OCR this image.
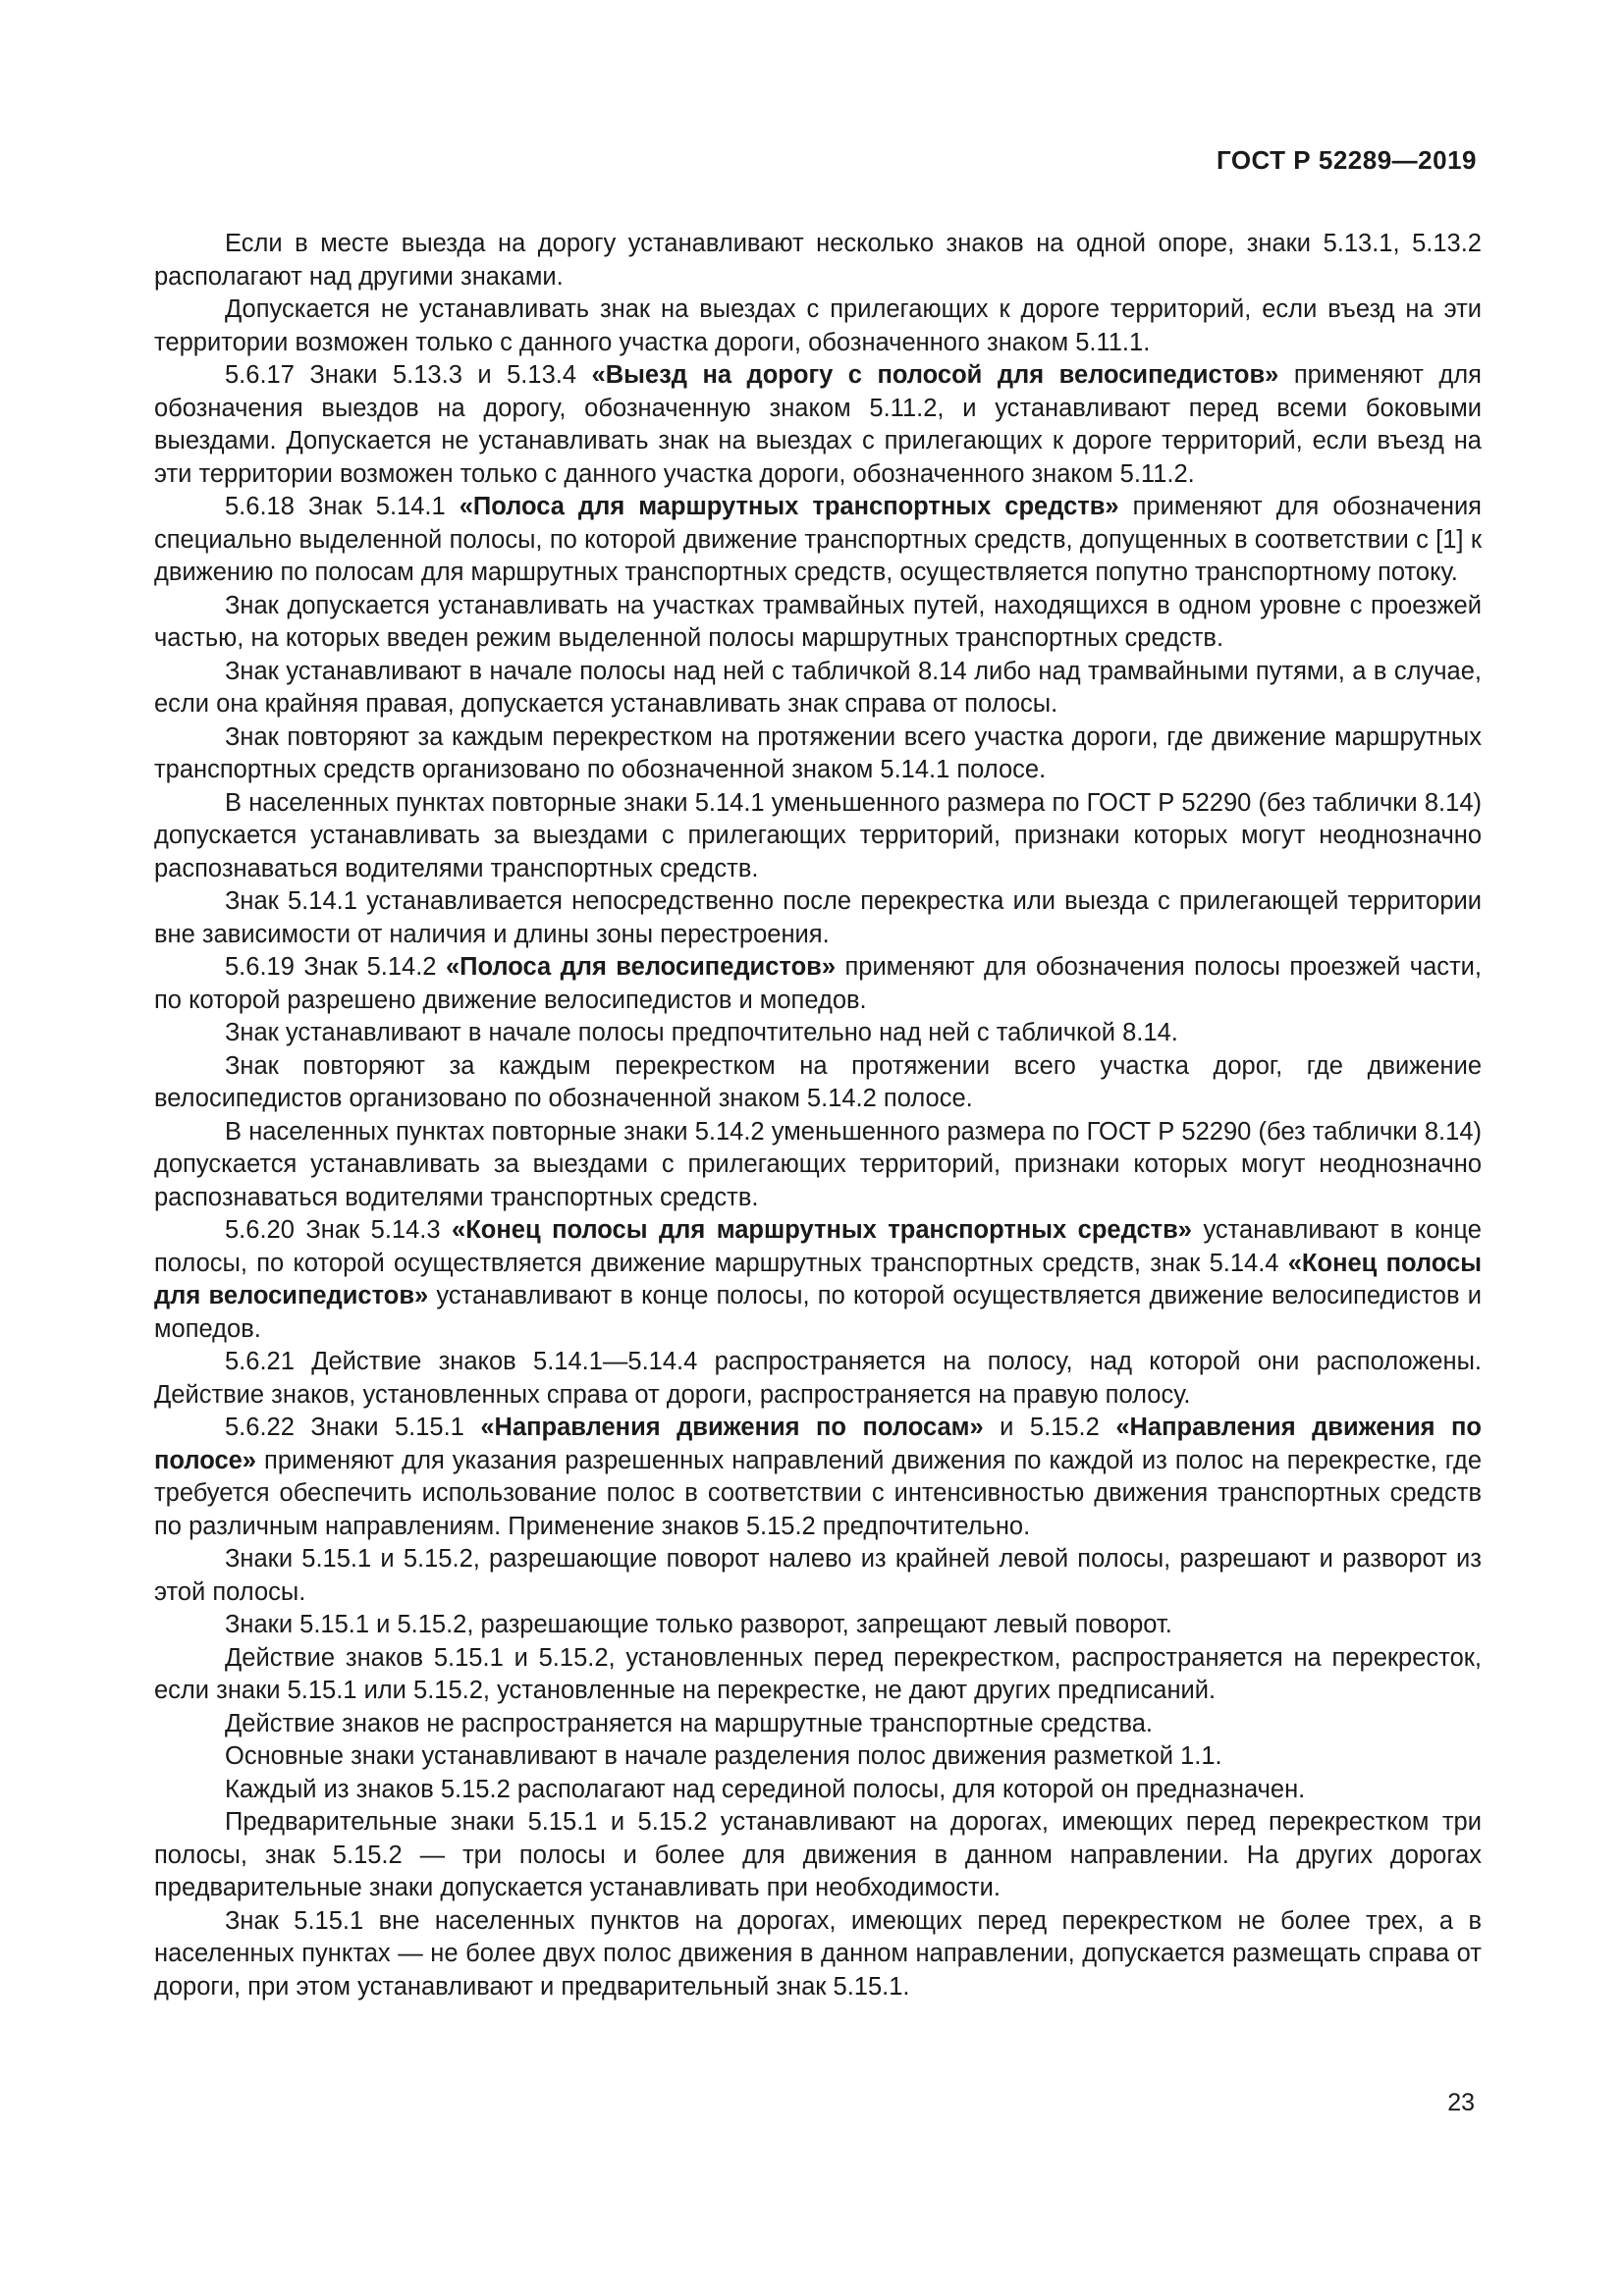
ГОСТ Р 52289—2019

Если в месте выезда на дорогу устанавливают несколько знаков на одной опоре, знаки 5.13.1, 5.13.2 располагают над другими знаками.

Допускается не устанавливать знак на выездах с прилегающих к дороге территорий, если въезд на эти территории возможен только с данного участка дороги, обозначенного знаком 5.11.1.

5.6.17 Знаки 5.13.3 и 5.13.4 «Выезд на дорогу с полосой для велосипедистов» применяют для обозначения выездов на дорогу, обозначенную знаком 5.11.2, и устанавливают перед всеми боковыми выездами. Допускается не устанавливать знак на выездах с прилегающих к дороге территорий, если въезд на эти территории возможен только с данного участка дороги, обозначенного знаком 5.11.2.

5.6.18 Знак 5.14.1 «Полоса для маршрутных транспортных средств» применяют для обозначения специально выделенной полосы, по которой движение транспортных средств, допущенных в соответствии с [1] к движению по полосам для маршрутных транспортных средств, осуществляется попутно транспортному потоку.

Знак допускается устанавливать на участках трамвайных путей, находящихся в одном уровне с проезжей частью, на которых введен режим выделенной полосы маршрутных транспортных средств.

Знак устанавливают в начале полосы над ней с табличкой 8.14 либо над трамвайными путями, а в случае, если она крайняя правая, допускается устанавливать знак справа от полосы.

Знак повторяют за каждым перекрестком на протяжении всего участка дороги, где движение маршрутных транспортных средств организовано по обозначенной знаком 5.14.1 полосе.

В населенных пунктах повторные знаки 5.14.1 уменьшенного размера по ГОСТ Р 52290 (без таблички 8.14) допускается устанавливать за выездами с прилегающих территорий, признаки которых могут неоднозначно распознаваться водителями транспортных средств.

Знак 5.14.1 устанавливается непосредственно после перекрестка или выезда с прилегающей территории вне зависимости от наличия и длины зоны перестроения.

5.6.19 Знак 5.14.2 «Полоса для велосипедистов» применяют для обозначения полосы проезжей части, по которой разрешено движение велосипедистов и мопедов.

Знак устанавливают в начале полосы предпочтительно над ней с табличкой 8.14.

Знак повторяют за каждым перекрестком на протяжении всего участка дорог, где движение велосипедистов организовано по обозначенной знаком 5.14.2 полосе.

В населенных пунктах повторные знаки 5.14.2 уменьшенного размера по ГОСТ Р 52290 (без таблички 8.14) допускается устанавливать за выездами с прилегающих территорий, признаки которых могут неоднозначно распознаваться водителями транспортных средств.

5.6.20 Знак 5.14.3 «Конец полосы для маршрутных транспортных средств» устанавливают в конце полосы, по которой осуществляется движение маршрутных транспортных средств, знак 5.14.4 «Конец полосы для велосипедистов» устанавливают в конце полосы, по которой осуществляется движение велосипедистов и мопедов.

5.6.21 Действие знаков 5.14.1—5.14.4 распространяется на полосу, над которой они расположены. Действие знаков, установленных справа от дороги, распространяется на правую полосу.

5.6.22 Знаки 5.15.1 «Направления движения по полосам» и 5.15.2 «Направления движения по полосе» применяют для указания разрешенных направлений движения по каждой из полос на перекрестке, где требуется обеспечить использование полос в соответствии с интенсивностью движения транспортных средств по различным направлениям. Применение знаков 5.15.2 предпочтительно.

Знаки 5.15.1 и 5.15.2, разрешающие поворот налево из крайней левой полосы, разрешают и разворот из этой полосы.

Знаки 5.15.1 и 5.15.2, разрешающие только разворот, запрещают левый поворот.

Действие знаков 5.15.1 и 5.15.2, установленных перед перекрестком, распространяется на перекресток, если знаки 5.15.1 или 5.15.2, установленные на перекрестке, не дают других предписаний.

Действие знаков не распространяется на маршрутные транспортные средства.

Основные знаки устанавливают в начале разделения полос движения разметкой 1.1.

Каждый из знаков 5.15.2 располагают над серединой полосы, для которой он предназначен.

Предварительные знаки 5.15.1 и 5.15.2 устанавливают на дорогах, имеющих перед перекрестком три полосы, знак 5.15.2 — три полосы и более для движения в данном направлении. На других дорогах предварительные знаки допускается устанавливать при необходимости.

Знак 5.15.1 вне населенных пунктов на дорогах, имеющих перед перекрестком не более трех, а в населенных пунктах — не более двух полос движения в данном направлении, допускается размещать справа от дороги, при этом устанавливают и предварительный знак 5.15.1.

23
